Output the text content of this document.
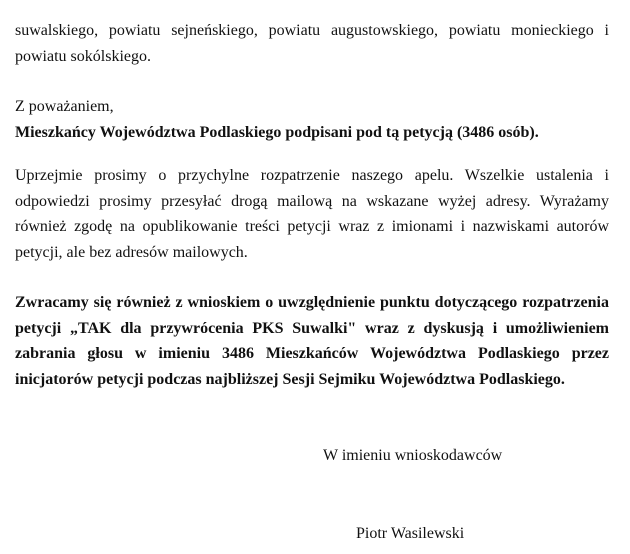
suwalskiego, powiatu sejneńskiego, powiatu augustowskiego, powiatu monieckiego i powiatu sokólskiego.

Z poważaniem,

Mieszkańcy Województwa Podlaskiego podpisani pod tą petycją (3486 osób).

Uprzejmie prosimy o przychylne rozpatrzenie naszego apelu. Wszelkie ustalenia i odpowiedzi prosimy przesyłać drogą mailową na wskazane wyżej adresy. Wyrażamy również zgodę na opublikowanie treści petycji wraz z imionami i nazwiskami autorów petycji, ale bez adresów mailowych.

Zwracamy się również z wnioskiem o uwzględnienie punktu dotyczącego rozpatrzenia petycji „TAK dla przywrócenia PKS Suwalki" wraz z dyskusją i umożliwieniem zabrania głosu w imieniu 3486 Mieszkańców Województwa Podlaskiego przez inicjatorów petycji podczas najbliższej Sesji Sejmiku Województwa Podlaskiego.

W imieniu wnioskodawców

Piotr Wasilewski
